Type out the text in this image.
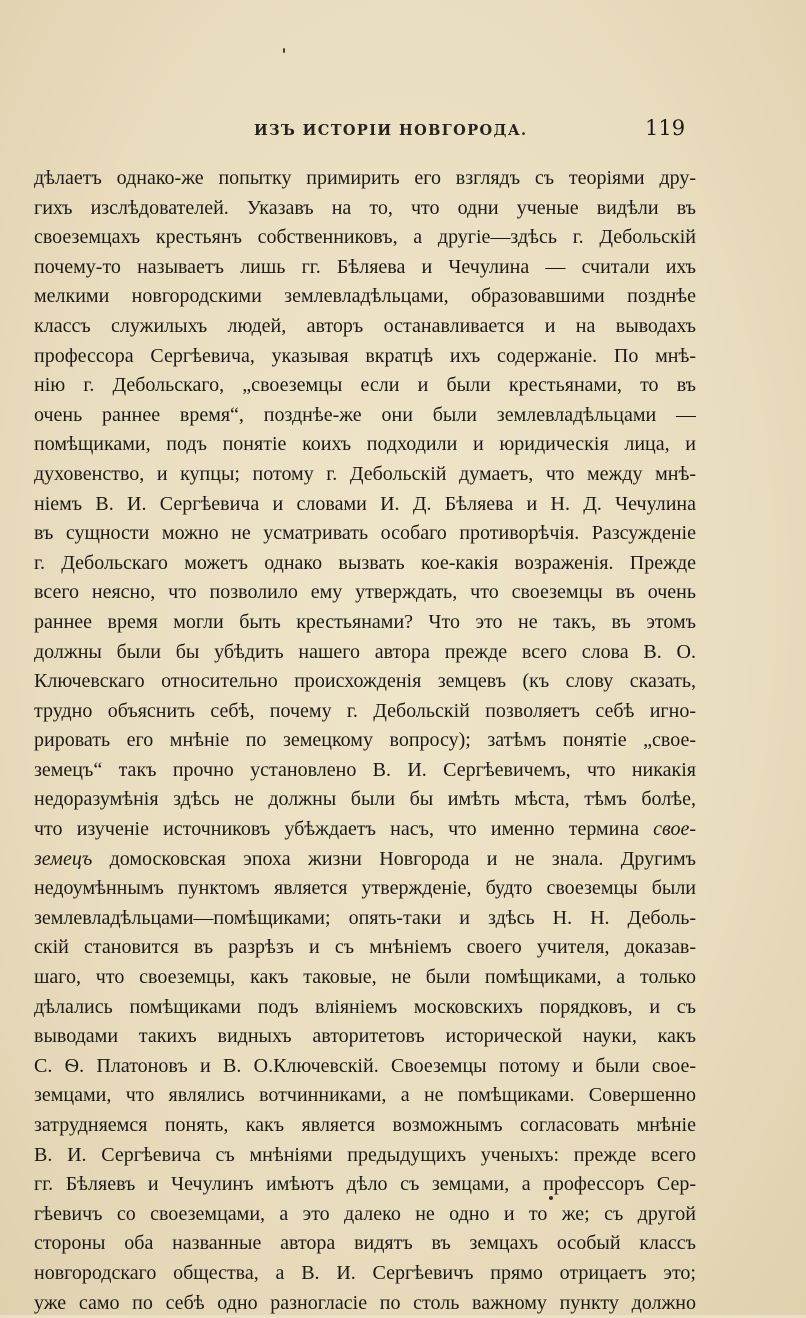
ИЗЪ ИСТОРІИ НОВГОРОДА.	119
дѣлаетъ однако-же попытку примирить его взглядъ съ теоріями дру-
гихъ изслѣдователей. Указавъ на то, что одни ученые видѣли въ
своеземцахъ крестьянъ собственниковъ, а другіе—здѣсь г. Дебольскій
почему-то называетъ лишь гг. Бѣляева и Чечулина — считали ихъ
мелкими новгородскими землевладѣльцами, образовавшими позднѣе
классъ служилыхъ людей, авторъ останавливается и на выводахъ
профессора Сергѣевича, указывая вкратцѣ ихъ содержаніе. По мнѣ-
нію г. Дебольскаго, „своеземцы если и были крестьянами, то въ
очень раннее время“, позднѣе-же они были землевладѣльцами —
помѣщиками, подъ понятіе коихъ подходили и юридическія лица, и
духовенство, и купцы; потому г. Дебольскій думаетъ, что между мнѣ-
ніемъ В. И. Сергѣевича и словами И. Д. Бѣляева и Н. Д. Чечулина
въ сущности можно не усматривать особаго противорѣчія. Разсужденіе
г. Дебольскаго можетъ однако вызвать кое-какія возраженія. Прежде
всего неясно, что позволило ему утверждать, что своеземцы въ очень
раннее время могли быть крестьянами? Что это не такъ, въ этомъ
должны были бы убѣдить нашего автора прежде всего слова В. О.
Ключевскаго относительно происхожденія земцевъ (къ слову сказать,
трудно объяснить себѣ, почему г. Дебольскій позволяетъ себѣ игно-
рировать его мнѣніе по земецкому вопросу); затѣмъ понятіе „свое-
земецъ“ такъ прочно установлено В. И. Сергѣевичемъ, что никакія
недоразумѣнія здѣсь не должны были бы имѣть мѣста, тѣмъ болѣе,
что изученіе источниковъ убѣждаетъ насъ, что именно термина свое-
земецъ домосковская эпоха жизни Новгорода и не знала. Другимъ
недоумѣннымъ пунктомъ является утвержденіе, будто своеземцы были
землевладѣльцами—помѣщиками; опять-таки и здѣсь Н. Н. Деболь-
скій становится въ разрѣзъ и съ мнѣніемъ своего учителя, доказав-
шаго, что своеземцы, какъ таковые, не были помѣщиками, а только
дѣлались помѣщиками подъ вліяніемъ московскихъ порядковъ, и съ
выводами такихъ видныхъ авторитетовъ исторической науки, какъ
С. Ѳ. Платоновъ и В. О.Ключевскій. Своеземцы потому и были свое-
земцами, что являлись вотчинниками, а не помѣщиками. Совершенно
затрудняемся понять, какъ является возможнымъ согласовать мнѣніе
В. И. Сергѣевича съ мнѣніями предыдущихъ ученыхъ: прежде всего
гг. Бѣляевъ и Чечулинъ имѣютъ дѣло съ земцами, а профессоръ Сер-
гѣевичъ со своеземцами, а это далеко не одно и то же; съ другой
стороны оба названные автора видятъ въ земцахъ особый классъ
новгородскаго общества, а В. И. Сергѣевичъ прямо отрицаетъ это;
уже само по себѣ одно разногласіе по столь важному пункту должно
